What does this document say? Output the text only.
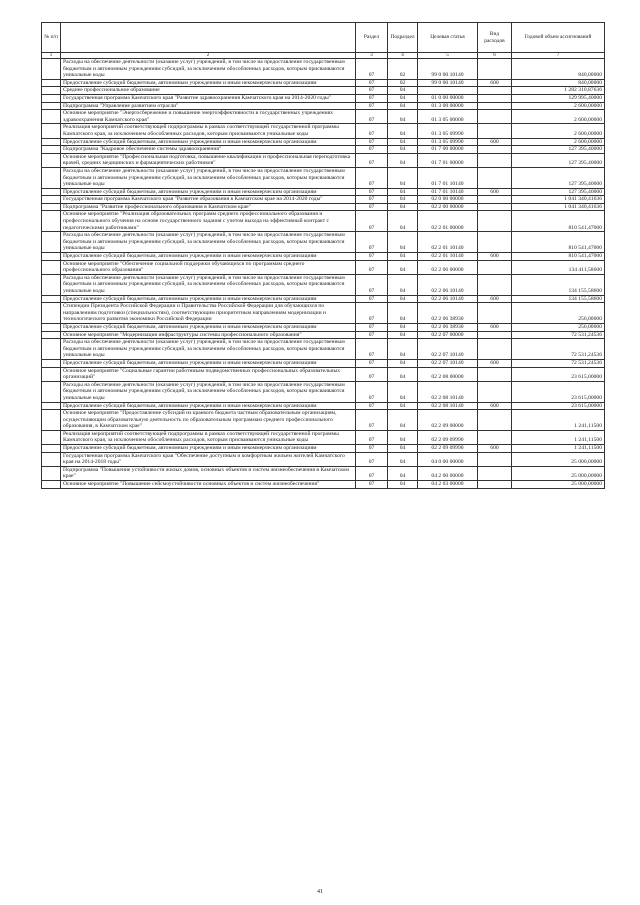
№ п/п		Раздел	Подраздел	Целевая статья	Вид расходов	Годовой объем ассигнований
1	2	3	4	5	6	7
	Расходы на обеспечение деятельности (оказание услуг) учреждений, в том числе на предоставление государственным бюджетным и автономным учреждениям субсидий, за исключением обособленных расходов, которым присваиваются уникальные коды	07	02	99 0 00 10140		840,00000
	Предоставление субсидий бюджетным, автономным учреждениям и иным некоммерческим организациям	07	02	99 0 00 10140	600	840,00000
	Среднее профессиональное образование	07	04			1 282 310,87636
	Государственная программа Камчатского края "Развитие здравоохранения Камчатского края на 2014-2020 годы"	07	04	01 0 00 00000		129 995,40000
	Подпрограмма "Управление развитием отрасли"	07	04	01 3 00 00000		2 600,00000
	Основное мероприятие "Энергосбережение и повышение энергоэффективности в государственных учреждениях здравоохранения Камчатского края"	07	04	01 3 05 00000		2 600,00000
	Реализация мероприятий соответствующей подпрограммы в рамках соответствующей государственной программы Камчатского края, за исключением обособленных расходов, которым присваиваются уникальные коды	07	04	01 3 05 09990		2 600,00000
	Предоставление субсидий бюджетным, автономным учреждениям и иным некоммерческим организациям	07	04	01 3 05 09990	600	2 600,00000
	Подпрограмма "Кадровое обеспечение системы здравоохранения"	07	04	01 7 00 00000		127 395,40000
	Основное мероприятие "Профессиональная подготовка, повышение квалификации и профессиональная переподготовка врачей, средних медицинских и фармацевтических работников"	07	04	01 7 01 00000		127 395,40000
	Расходы на обеспечение деятельности (оказание услуг) учреждений, в том числе на предоставление государственным бюджетным и автономным учреждениям субсидий, за исключением обособленных расходов, которым присваиваются уникальные коды	07	04	01 7 01 10140		127 395,40000
	Предоставление субсидий бюджетным, автономным учреждениям и иным некоммерческим организациям	07	04	01 7 01 10140	600	127 395,40000
	Государственная программа Камчатского края "Развитие образования в Камчатском крае на 2014-2020 годы"	07	04	02 0 00 00000		1 041 340,41636
	Подпрограмма "Развитие профессионального образования в Камчатском крае"	07	04	02 2 00 00000		1 041 340,41636
	Основное мероприятие "Реализация образовательных программ среднего профессионального образования и профессионального обучения на основе государственного задания с учетом выхода на эффективный контракт с педагогическими работниками"	07	04	02 2 01 00000		810 541,47000
	Расходы на обеспечение деятельности (оказание услуг) учреждений, в том числе на предоставление государственным бюджетным и автономным учреждениям субсидий, за исключением обособленных расходов, которым присваиваются уникальные коды	07	04	02 2 01 10140		810 541,47000
	Предоставление субсидий бюджетным, автономным учреждениям и иным некоммерческим организациям	07	04	02 2 01 10140	600	810 541,47000
	Основное мероприятие "Обеспечение социальной поддержки обучающихся по программам среднего профессионального образования"	07	04	02 2 06 00000		134 411,58600
	Расходы на обеспечение деятельности (оказание услуг) учреждений, в том числе на предоставление государственным бюджетным и автономным учреждениям субсидий, за исключением обособленных расходов, которым присваиваются уникальные коды	07	04	02 2 06 10140		134 155,58600
	Предоставление субсидий бюджетным, автономным учреждениям и иным некоммерческим организациям	07	04	02 2 06 10140	600	134 155,58600
	Стипендии Президента Российской Федерации и Правительства Российской Федерации для обучающихся по направлениям подготовки (специальностям), соответствующим приоритетным направлениям модернизации и технологического развития экономики Российской Федерации	07	04	02 2 06 38930		256,00000
	Предоставление субсидий бюджетным, автономным учреждениям и иным некоммерческим организациям	07	04	02 2 06 38930	600	256,00000
	Основное мероприятие "Модернизация инфраструктуры системы профессионального образования"	07	04	02 2 07 00000		72 531,24536
	Расходы на обеспечение деятельности (оказание услуг) учреждений, в том числе на предоставление государственным бюджетным и автономным учреждениям субсидий, за исключением обособленных расходов, которым присваиваются уникальные коды	07	04	02 2 07 10140		72 531,24536
	Предоставление субсидий бюджетным, автономным учреждениям и иным некоммерческим организациям	07	04	02 2 07 10140	600	72 531,24536
	Основное мероприятие "Социальные гарантии работникам подведомственных профессиональных образовательных организаций"	07	04	02 2 08 00000		23 615,00000
	Расходы на обеспечение деятельности (оказание услуг) учреждений, в том числе на предоставление государственным бюджетным и автономным учреждениям субсидий, за исключением обособленных расходов, которым присваиваются уникальные коды	07	04	02 2 08 10140		23 615,00000
	Предоставление субсидий бюджетным, автономным учреждениям и иным некоммерческим организациям	07	04	02 2 08 10140	600	23 615,00000
	Основное мероприятие "Предоставление субсидий из краевого бюджета частным образовательным организациям, осуществляющим образовательную деятельность по образовательным программам среднего профессионального образования, в Камчатском крае"	07	04	02 2 09 00000		1 241,11500
	Реализация мероприятий соответствующей подпрограммы в рамках соответствующей государственной программы Камчатского края, за исключением обособленных расходов, которым присваиваются уникальные коды	07	04	02 2 09 09990		1 241,11500
	Предоставление субсидий бюджетным, автономным учреждениям и иным некоммерческим организациям	07	04	02 2 09 09990	600	1 241,11500
	Государственная программа Камчатского края "Обеспечение доступным и комфортным жильем жителей Камчатского края на 2014-2018 годы"	07	04	04 0 00 00000		25 000,00000
	Подпрограмма "Повышение устойчивости жилых домов, основных объектов и систем жизнеобеспечения в Камчатском крае"	07	04	04 2 00 00000		25 000,00000
	Основное мероприятие "Повышение сейсмоустойчивости основных объектов и систем жизнеобеспечения"	07	04	04 2 03 00000		25 000,00000
41
